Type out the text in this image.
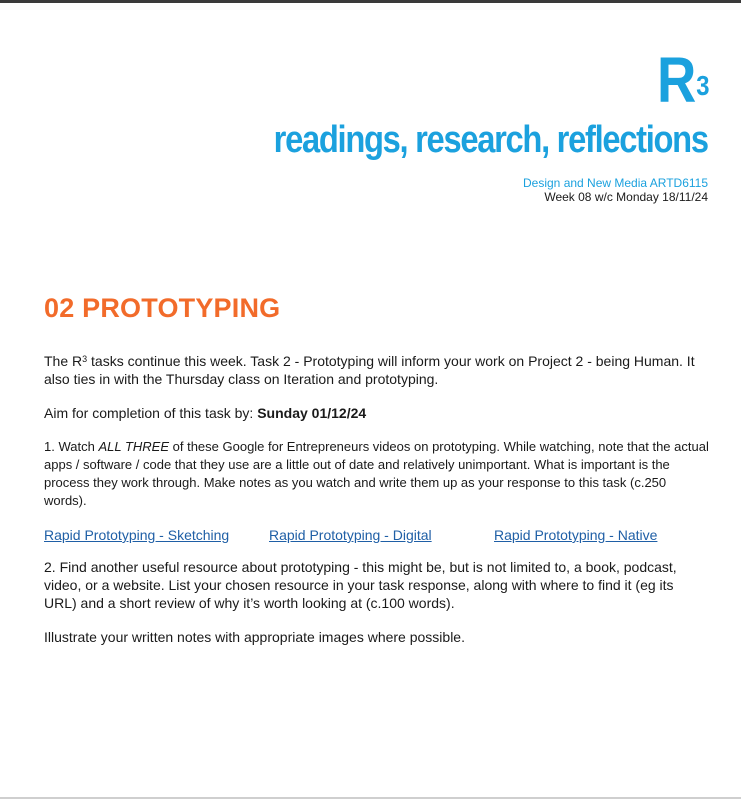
$R^3$
readings, research, reflections
Design and New Media ARTD6115
Week 08 w/c Monday 18/11/24
02 PROTOTYPING

The $R^3$ tasks continue this week. Task 2 - Prototyping will inform your work on Project 2 - being Human. It also ties in with the Thursday class on Iteration and prototyping.

Aim for completion of this task by: Sunday 01/12/24

1. Watch ALL THREE of these Google for Entrepreneurs videos on prototyping. While watching, note that the actual apps / software / code that they use are a little out of date and relatively unimportant. What is important is the process they work through. Make notes as you watch and write them up as your response to this task (c.250 words).

Rapid Prototyping - Sketching	Rapid Prototyping - Digital	Rapid Prototyping - Native

2. Find another useful resource about prototyping - this might be, but is not limited to, a book, podcast, video, or a website. List your chosen resource in your task response, along with where to find it (eg its URL) and a short review of why it’s worth looking at (c.100 words).

Illustrate your written notes with appropriate images where possible.
